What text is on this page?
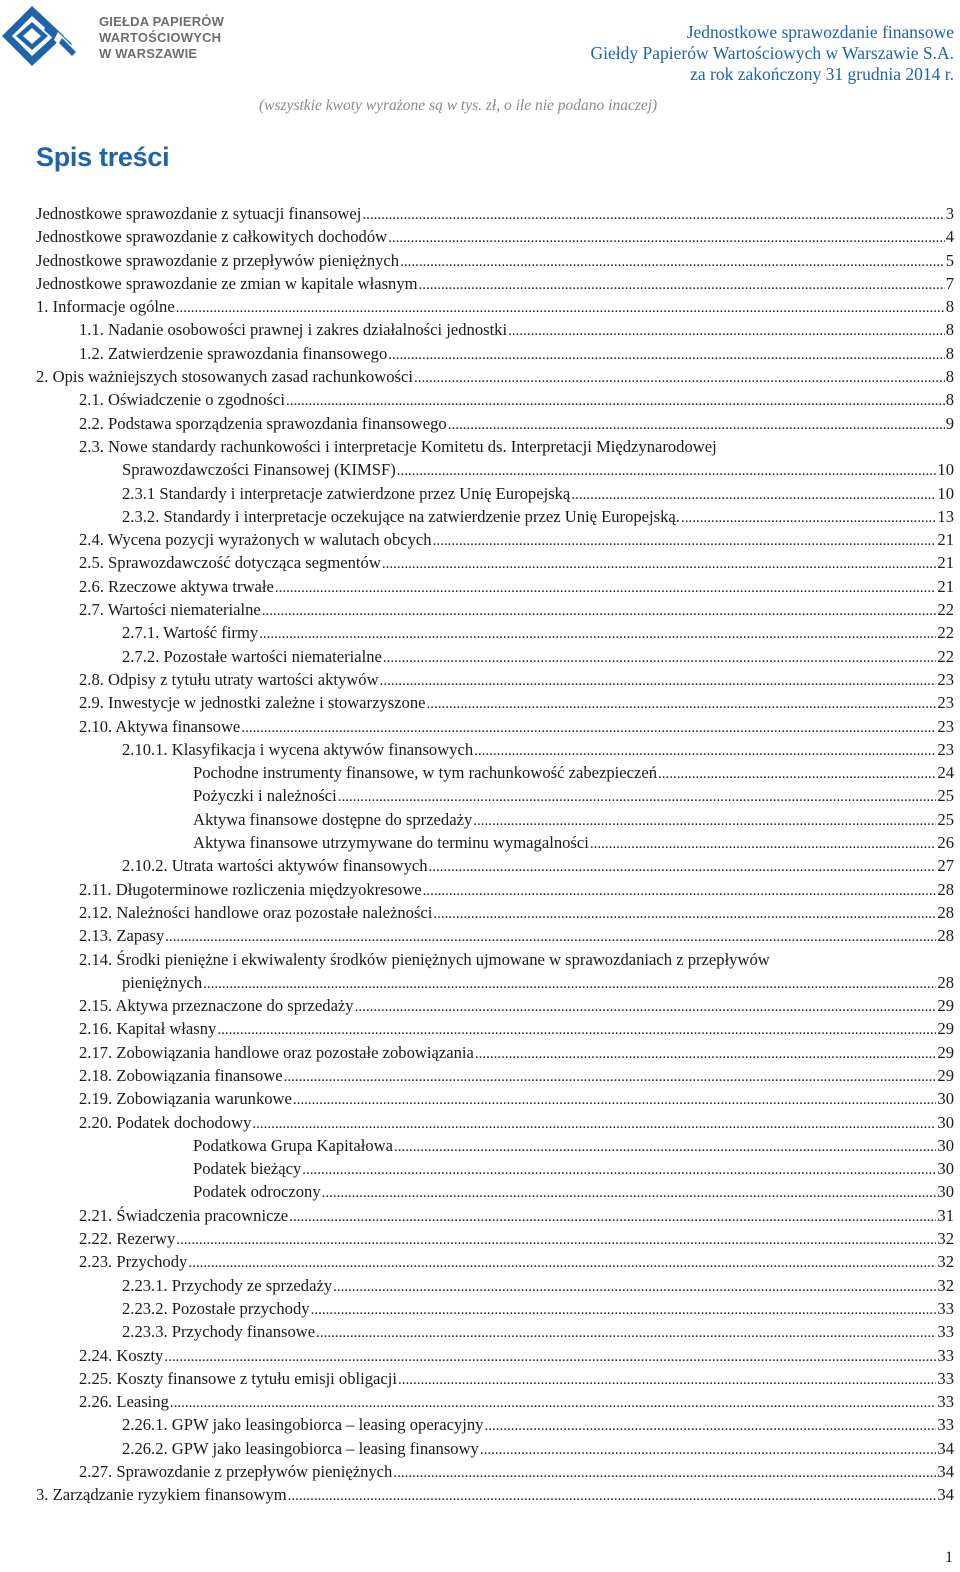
GIEŁDA PAPIERÓW
WARTOŚCIOWYCH
W WARSZAWIE
Jednostkowe sprawozdanie finansowe
Giełdy Papierów Wartościowych w Warszawie S.A.
za rok zakończony 31 grudnia 2014 r.
(wszystkie kwoty wyrażone są w tys. zł, o ile nie podano inaczej)
Spis treści
Jednostkowe sprawozdanie z sytuacji finansowej .....	3
Jednostkowe sprawozdanie z całkowitych dochodów .....	4
Jednostkowe sprawozdanie z przepływów pieniężnych .....	5
Jednostkowe sprawozdanie ze zmian w kapitale własnym .....	7
1. Informacje ogólne .....	8
1.1. Nadanie osobowości prawnej i zakres działalności jednostki .....	8
1.2. Zatwierdzenie sprawozdania finansowego .....	8
2. Opis ważniejszych stosowanych zasad rachunkowości .....	8
2.1. Oświadczenie o zgodności .....	8
2.2. Podstawa sporządzenia sprawozdania finansowego .....	9
2.3. Nowe standardy rachunkowości i interpretacje Komitetu ds. Interpretacji Międzynarodowej
Sprawozdawczości Finansowej (KIMSF) .....	10
2.3.1 Standardy i interpretacje zatwierdzone przez Unię Europejską .....	10
2.3.2. Standardy i interpretacje oczekujące na zatwierdzenie przez Unię Europejską. .....	13
2.4. Wycena pozycji wyrażonych w walutach obcych .....	21
2.5. Sprawozdawczość dotycząca segmentów .....	21
2.6. Rzeczowe aktywa trwałe .....	21
2.7. Wartości niematerialne .....	22
2.7.1. Wartość firmy .....	22
2.7.2. Pozostałe wartości niematerialne .....	22
2.8. Odpisy z tytułu utraty wartości aktywów .....	23
2.9. Inwestycje w jednostki zależne i stowarzyszone .....	23
2.10. Aktywa finansowe .....	23
2.10.1. Klasyfikacja i wycena aktywów finansowych .....	23
Pochodne instrumenty finansowe, w tym rachunkowość zabezpieczeń .....	24
Pożyczki i należności .....	25
Aktywa finansowe dostępne do sprzedaży .....	25
Aktywa finansowe utrzymywane do terminu wymagalności .....	26
2.10.2. Utrata wartości aktywów finansowych .....	27
2.11. Długoterminowe rozliczenia międzyokresowe .....	28
2.12. Należności handlowe oraz pozostałe należności .....	28
2.13. Zapasy .....	28
2.14. Środki pieniężne i ekwiwalenty środków pieniężnych ujmowane w sprawozdaniach z przepływów
pieniężnych .....	28
2.15. Aktywa przeznaczone do sprzedaży .....	29
2.16. Kapitał własny .....	29
2.17. Zobowiązania handlowe oraz pozostałe zobowiązania .....	29
2.18. Zobowiązania finansowe .....	29
2.19. Zobowiązania warunkowe .....	30
2.20. Podatek dochodowy .....	30
Podatkowa Grupa Kapitałowa .....	30
Podatek bieżący .....	30
Podatek odroczony .....	30
2.21. Świadczenia pracownicze .....	31
2.22. Rezerwy .....	32
2.23. Przychody .....	32
2.23.1. Przychody ze sprzedaży .....	32
2.23.2. Pozostałe przychody .....	33
2.23.3. Przychody finansowe .....	33
2.24. Koszty .....	33
2.25. Koszty finansowe z tytułu emisji obligacji .....	33
2.26. Leasing .....	33
2.26.1. GPW jako leasingobiorca – leasing operacyjny .....	33
2.26.2. GPW jako leasingobiorca – leasing finansowy .....	34
2.27. Sprawozdanie z przepływów pieniężnych .....	34
3. Zarządzanie ryzykiem finansowym .....	34
1
